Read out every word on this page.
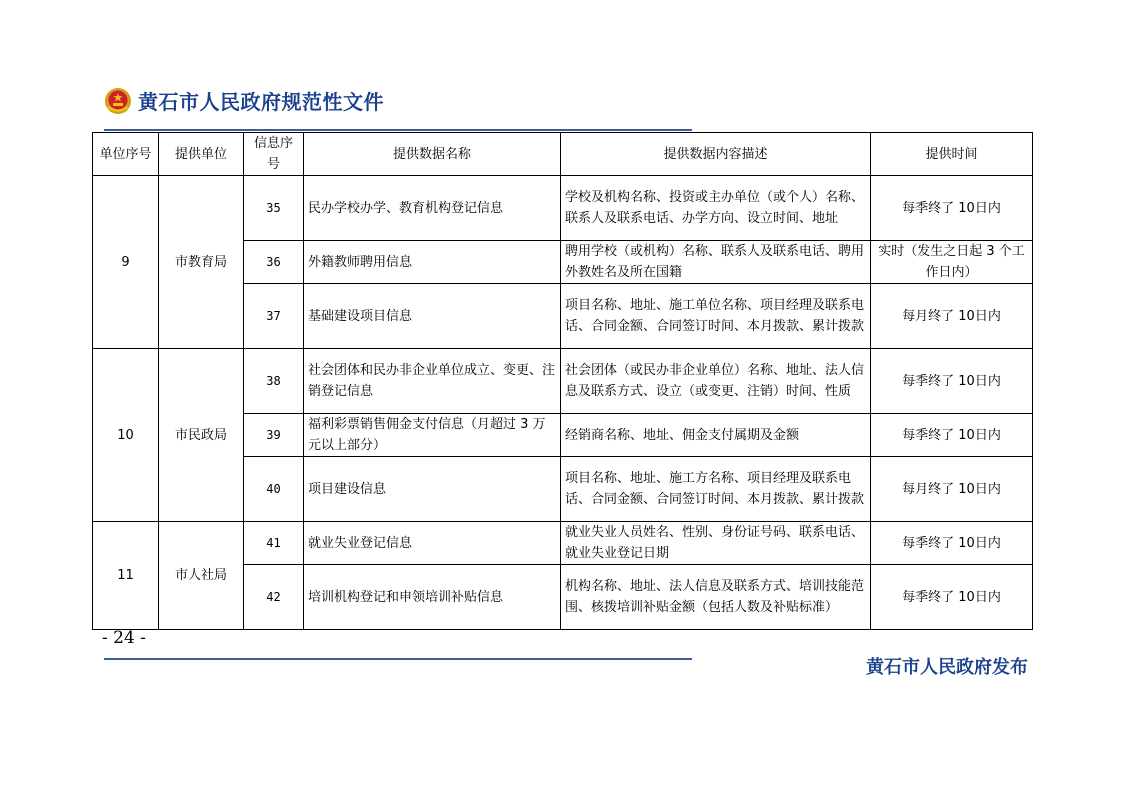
黄石市人民政府规范性文件
单位序号	提供单位	信息序号	提供数据名称	提供数据内容描述	提供时间
9	市教育局	35	民办学校办学、教育机构登记信息	学校及机构名称、投资或主办单位（或个人）名称、联系人及联系电话、办学方向、设立时间、地址	每季终了 10日内
		36	外籍教师聘用信息	聘用学校（或机构）名称、联系人及联系电话、聘用外教姓名及所在国籍	实时（发生之日起 3 个工作日内）
		37	基础建设项目信息	项目名称、地址、施工单位名称、项目经理及联系电话、合同金额、合同签订时间、本月拨款、累计拨款	每月终了 10日内
10	市民政局	38	社会团体和民办非企业单位成立、变更、注销登记信息	社会团体（或民办非企业单位）名称、地址、法人信息及联系方式、设立（或变更、注销）时间、性质	每季终了 10日内
		39	福利彩票销售佣金支付信息（月超过 3 万元以上部分）	经销商名称、地址、佣金支付属期及金额	每季终了 10日内
		40	项目建设信息	项目名称、地址、施工方名称、项目经理及联系电话、合同金额、合同签订时间、本月拨款、累计拨款	每月终了 10日内
11	市人社局	41	就业失业登记信息	就业失业人员姓名、性别、身份证号码、联系电话、就业失业登记日期	每季终了 10日内
		42	培训机构登记和申领培训补贴信息	机构名称、地址、法人信息及联系方式、培训技能范围、核拨培训补贴金额（包括人数及补贴标准）	每季终了 10日内
- 24 -
黄石市人民政府发布
